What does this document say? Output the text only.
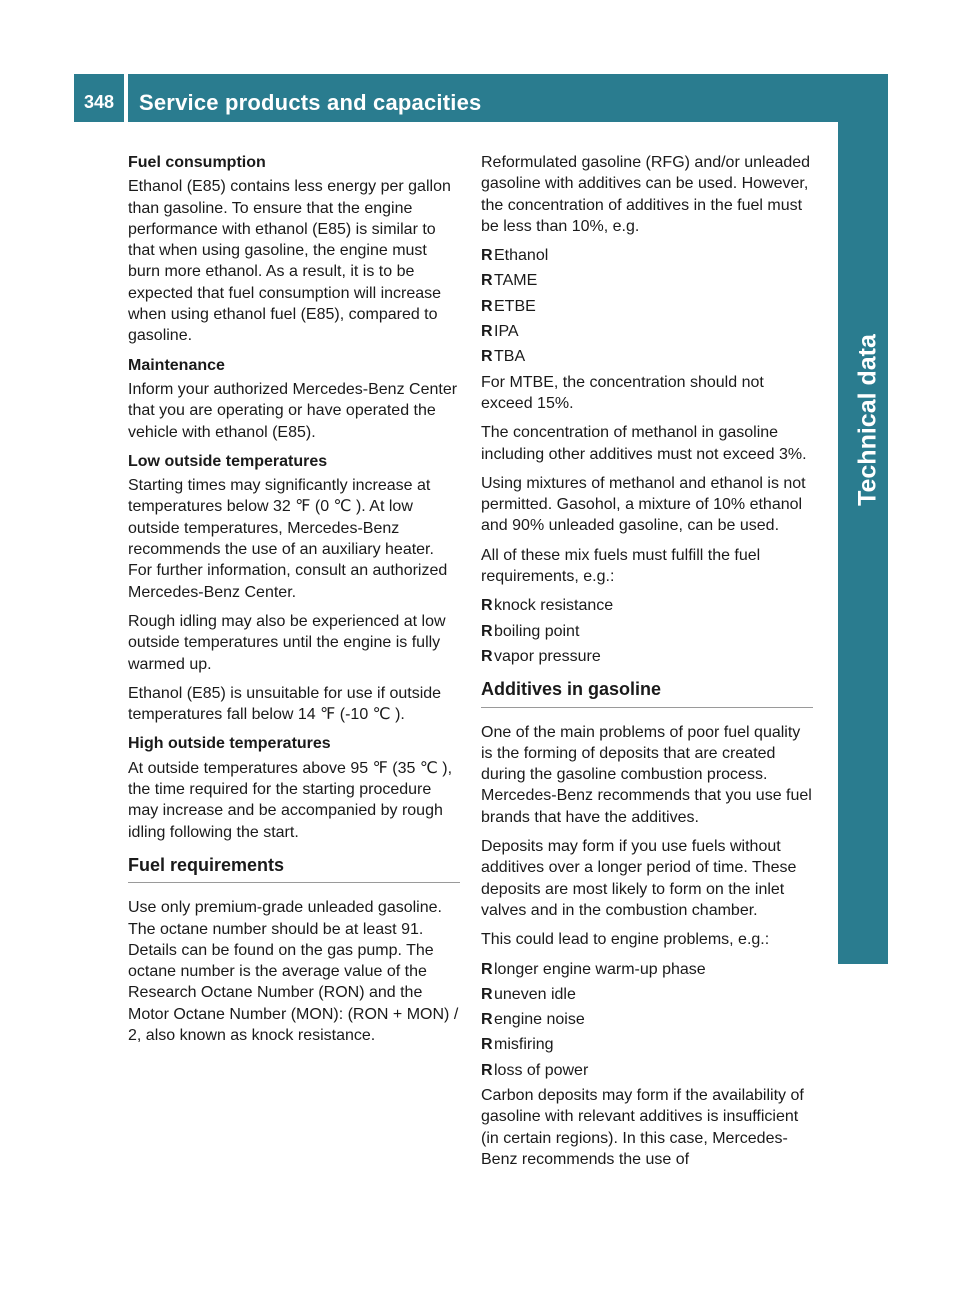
348 Service products and capacities
Technical data
Fuel consumption

Ethanol (E85) contains less energy per gallon than gasoline. To ensure that the engine performance with ethanol (E85) is similar to that when using gasoline, the engine must burn more ethanol. As a result, it is to be expected that fuel consumption will increase when using ethanol fuel (E85), compared to gasoline.

Maintenance

Inform your authorized Mercedes-Benz Center that you are operating or have operated the vehicle with ethanol (E85).

Low outside temperatures

Starting times may significantly increase at temperatures below 32 ℉ (0 ℃ ). At low outside temperatures, Mercedes-Benz recommends the use of an auxiliary heater. For further information, consult an authorized Mercedes-Benz Center.

Rough idling may also be experienced at low outside temperatures until the engine is fully warmed up.

Ethanol (E85) is unsuitable for use if outside temperatures fall below 14 ℉ (-10 ℃ ).

High outside temperatures

At outside temperatures above 95 ℉ (35 ℃ ), the time required for the starting procedure may increase and be accompanied by rough idling following the start.

Fuel requirements

Use only premium-grade unleaded gasoline. The octane number should be at least 91. Details can be found on the gas pump. The octane number is the average value of the Research Octane Number (RON) and the Motor Octane Number (MON): (RON + MON) / 2, also known as knock resistance.

Reformulated gasoline (RFG) and/or unleaded gasoline with additives can be used. However, the concentration of additives in the fuel must be less than 10%, e.g.

R Ethanol
R TAME
R ETBE
R IPA
R TBA

For MTBE, the concentration should not exceed 15%.

The concentration of methanol in gasoline including other additives must not exceed 3%.

Using mixtures of methanol and ethanol is not permitted. Gasohol, a mixture of 10% ethanol and 90% unleaded gasoline, can be used.

All of these mix fuels must fulfill the fuel requirements, e.g.:

R knock resistance
R boiling point
R vapor pressure
Additives in gasoline

One of the main problems of poor fuel quality is the forming of deposits that are created during the gasoline combustion process. Mercedes-Benz recommends that you use fuel brands that have the additives.

Deposits may form if you use fuels without additives over a longer period of time. These deposits are most likely to form on the inlet valves and in the combustion chamber.

This could lead to engine problems, e.g.:

R longer engine warm-up phase
R uneven idle
R engine noise
R misfiring
R loss of power

Carbon deposits may form if the availability of gasoline with relevant additives is insufficient (in certain regions). In this case, Mercedes-Benz recommends the use of
